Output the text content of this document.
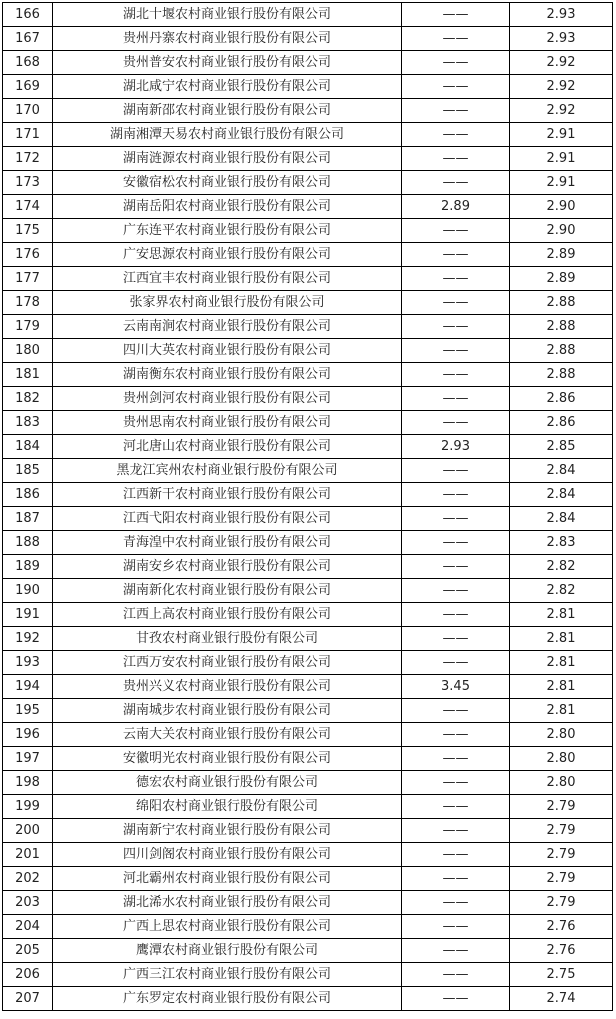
166	湖北十堰农村商业银行股份有限公司	——	2.93
167	贵州丹寨农村商业银行股份有限公司	——	2.93
168	贵州普安农村商业银行股份有限公司	——	2.92
169	湖北咸宁农村商业银行股份有限公司	——	2.92
170	湖南新邵农村商业银行股份有限公司	——	2.92
171	湖南湘潭天易农村商业银行股份有限公司	——	2.91
172	湖南涟源农村商业银行股份有限公司	——	2.91
173	安徽宿松农村商业银行股份有限公司	——	2.91
174	湖南岳阳农村商业银行股份有限公司	2.89	2.90
175	广东连平农村商业银行股份有限公司	——	2.90
176	广安思源农村商业银行股份有限公司	——	2.89
177	江西宜丰农村商业银行股份有限公司	——	2.89
178	张家界农村商业银行股份有限公司	——	2.88
179	云南南涧农村商业银行股份有限公司	——	2.88
180	四川大英农村商业银行股份有限公司	——	2.88
181	湖南衡东农村商业银行股份有限公司	——	2.88
182	贵州剑河农村商业银行股份有限公司	——	2.86
183	贵州思南农村商业银行股份有限公司	——	2.86
184	河北唐山农村商业银行股份有限公司	2.93	2.85
185	黑龙江宾州农村商业银行股份有限公司	——	2.84
186	江西新干农村商业银行股份有限公司	——	2.84
187	江西弋阳农村商业银行股份有限公司	——	2.84
188	青海湟中农村商业银行股份有限公司	——	2.83
189	湖南安乡农村商业银行股份有限公司	——	2.82
190	湖南新化农村商业银行股份有限公司	——	2.82
191	江西上高农村商业银行股份有限公司	——	2.81
192	甘孜农村商业银行股份有限公司	——	2.81
193	江西万安农村商业银行股份有限公司	——	2.81
194	贵州兴义农村商业银行股份有限公司	3.45	2.81
195	湖南城步农村商业银行股份有限公司	——	2.81
196	云南大关农村商业银行股份有限公司	——	2.80
197	安徽明光农村商业银行股份有限公司	——	2.80
198	德宏农村商业银行股份有限公司	——	2.80
199	绵阳农村商业银行股份有限公司	——	2.79
200	湖南新宁农村商业银行股份有限公司	——	2.79
201	四川剑阁农村商业银行股份有限公司	——	2.79
202	河北霸州农村商业银行股份有限公司	——	2.79
203	湖北浠水农村商业银行股份有限公司	——	2.79
204	广西上思农村商业银行股份有限公司	——	2.76
205	鹰潭农村商业银行股份有限公司	——	2.76
206	广西三江农村商业银行股份有限公司	——	2.75
207	广东罗定农村商业银行股份有限公司	——	2.74
